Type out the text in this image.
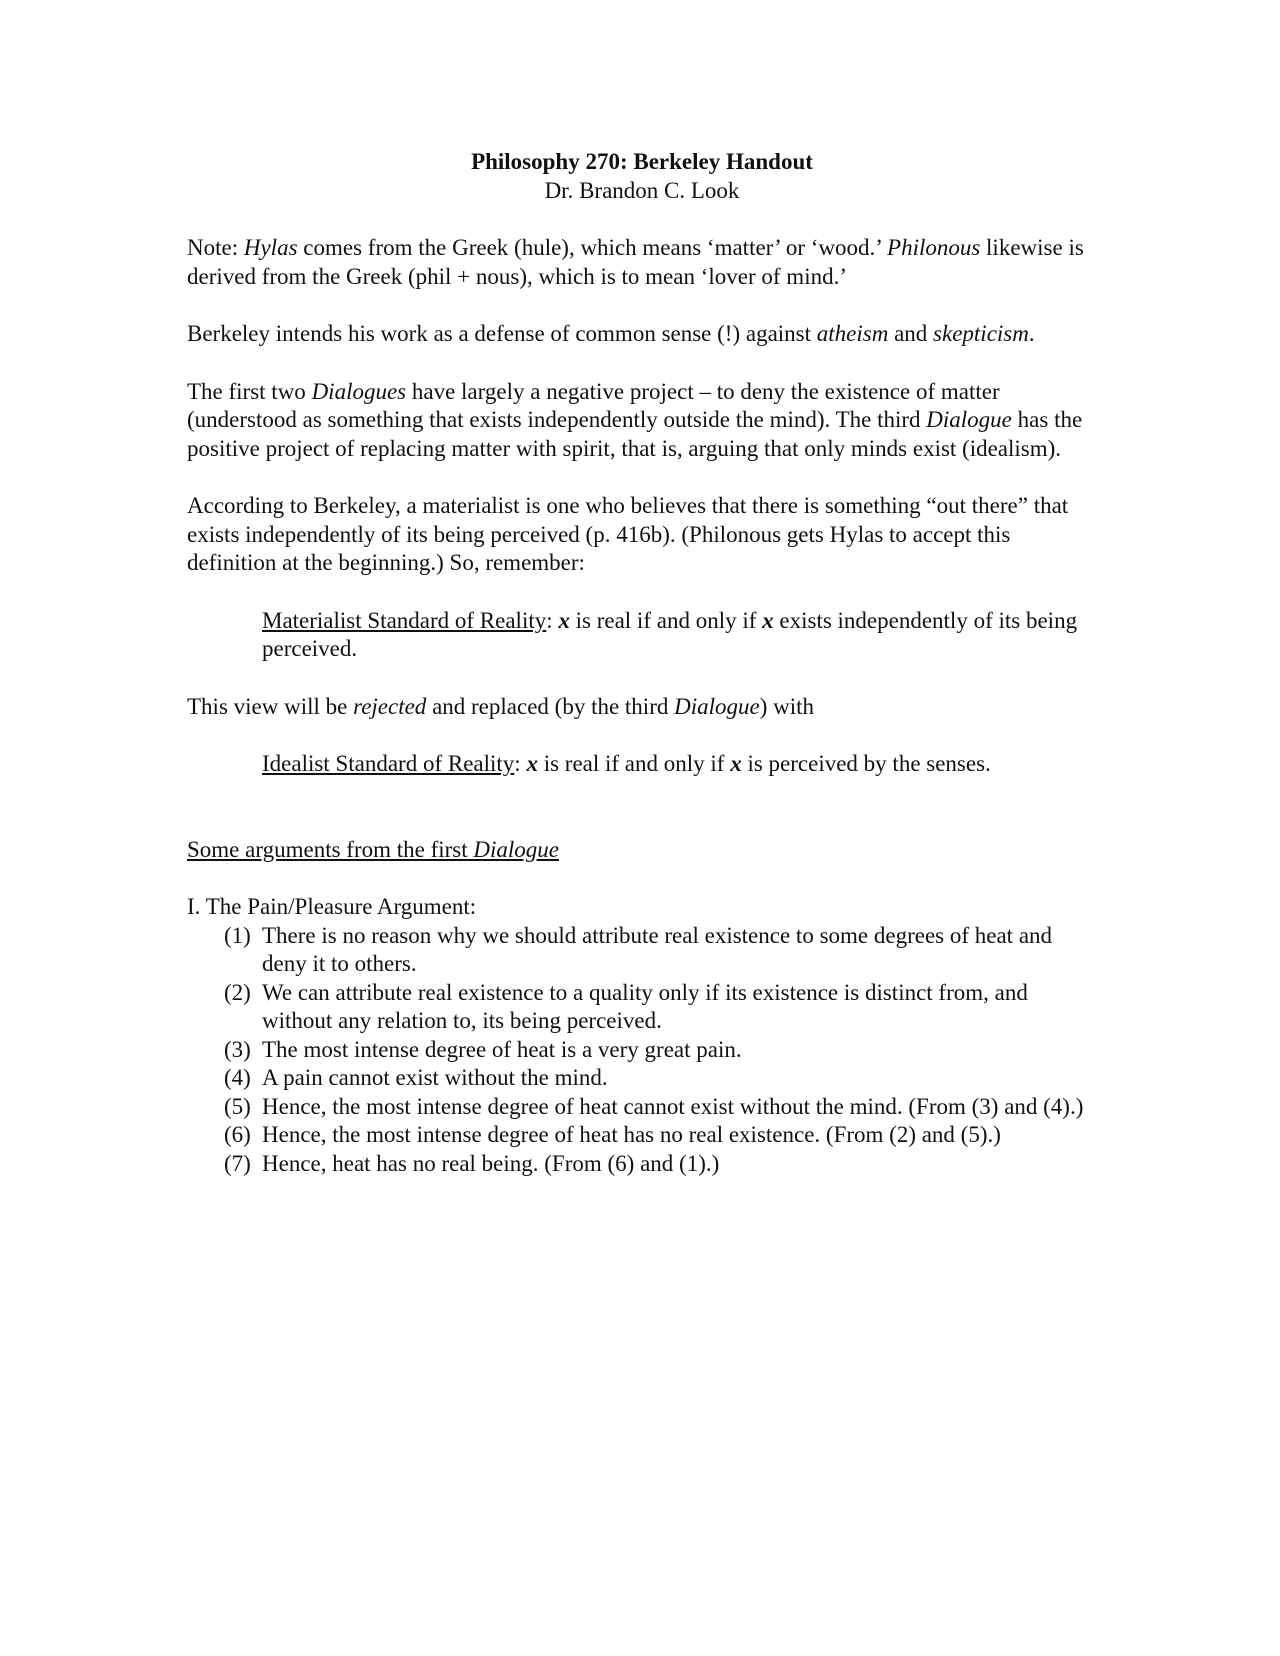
Philosophy 270: Berkeley Handout

Dr. Brandon C. Look

Note: Hylas comes from the Greek (hule), which means ‘matter’ or ‘wood.’ Philonous likewise is derived from the Greek (phil + nous), which is to mean ‘lover of mind.’

Berkeley intends his work as a defense of common sense (!) against atheism and skepticism.

The first two Dialogues have largely a negative project – to deny the existence of matter (understood as something that exists independently outside the mind). The third Dialogue has the positive project of replacing matter with spirit, that is, arguing that only minds exist (idealism).

According to Berkeley, a materialist is one who believes that there is something “out there” that exists independently of its being perceived (p. 416b). (Philonous gets Hylas to accept this definition at the beginning.) So, remember:

Materialist Standard of Reality: x is real if and only if x exists independently of its being perceived.

This view will be rejected and replaced (by the third Dialogue) with

Idealist Standard of Reality: x is real if and only if x is perceived by the senses.

Some arguments from the first Dialogue

I. The Pain/Pleasure Argument:

(1) There is no reason why we should attribute real existence to some degrees of heat and deny it to others.
(2) We can attribute real existence to a quality only if its existence is distinct from, and without any relation to, its being perceived.
(3) The most intense degree of heat is a very great pain.
(4) A pain cannot exist without the mind.
(5) Hence, the most intense degree of heat cannot exist without the mind. (From (3) and (4).)
(6) Hence, the most intense degree of heat has no real existence. (From (2) and (5).)
(7) Hence, heat has no real being. (From (6) and (1).)
